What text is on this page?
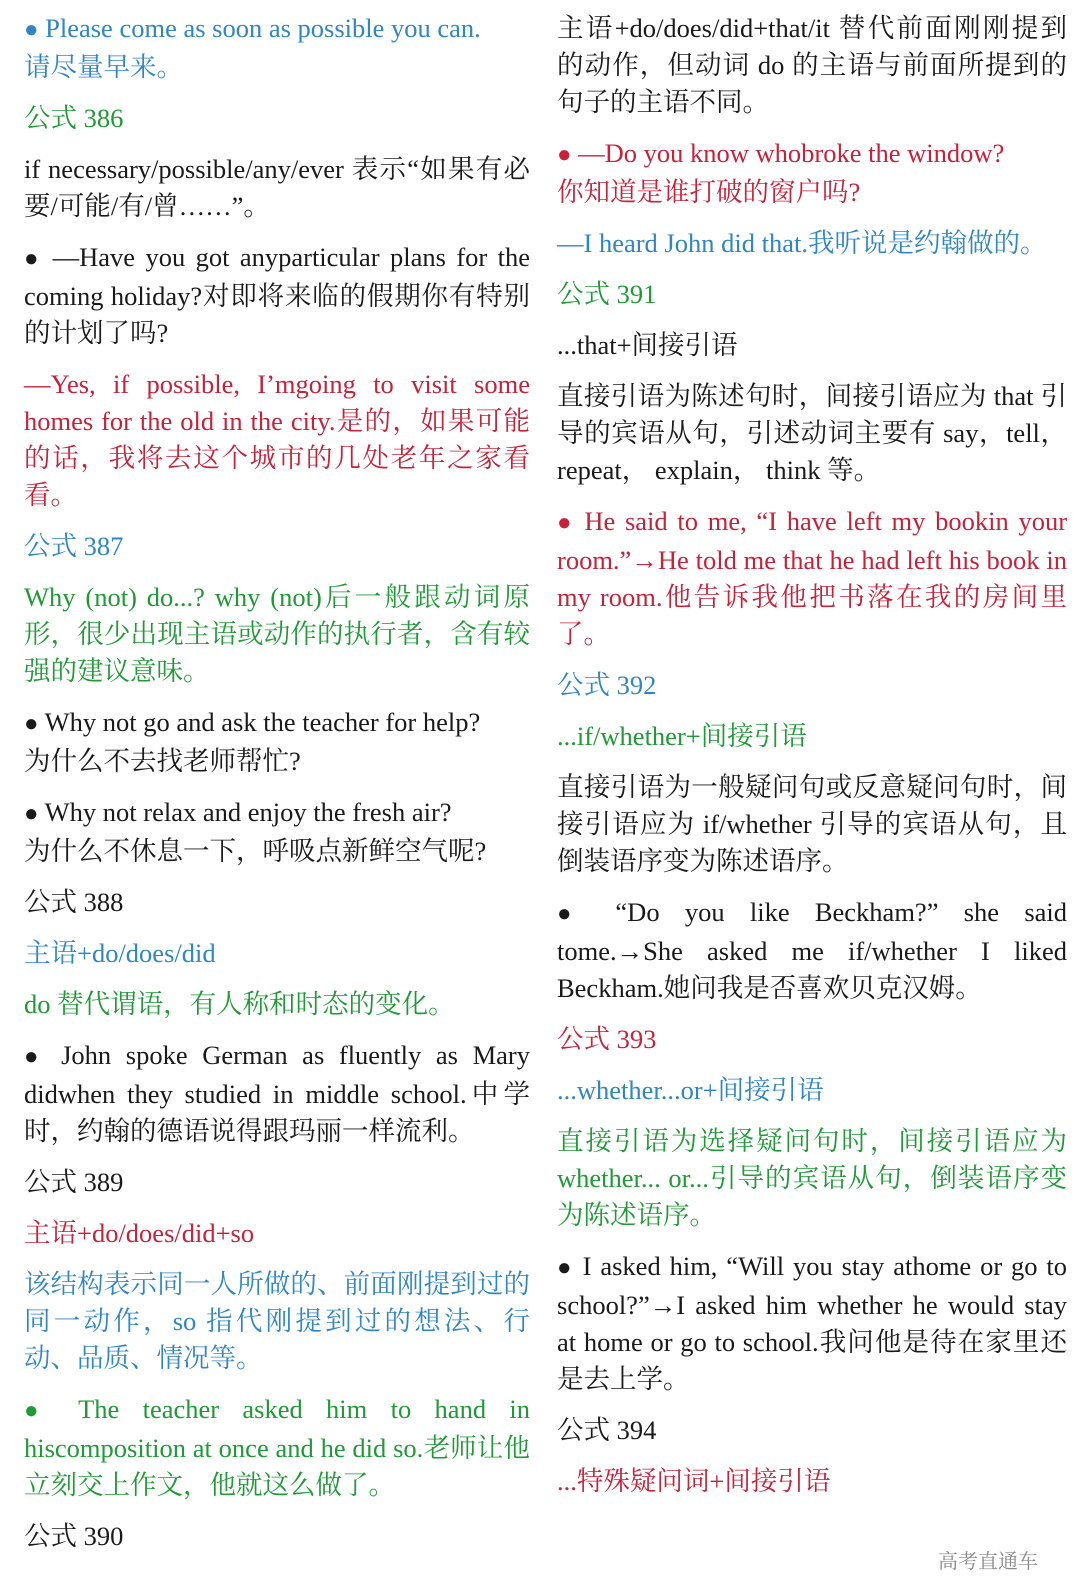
● Please come as soon as possible you can.
请尽量早来。

公式 386

if necessary/possible/any/ever 表示“如果有必要/可能/有/曾……”。

● —Have you got anyparticular plans for the coming holiday?对即将来临的假期你有特别的计划了吗?

—Yes, if possible, I’mgoing to visit some homes for the old in the city.是的，如果可能的话，我将去这个城市的几处老年之家看看。

公式 387

Why (not) do...? why (not)后一般跟动词原形，很少出现主语或动作的执行者，含有较强的建议意味。

● Why not go and ask the teacher for help?
为什么不去找老师帮忙?

● Why not relax and enjoy the fresh air?
为什么不休息一下，呼吸点新鲜空气呢?

公式 388

主语+do/does/did

do 替代谓语，有人称和时态的变化。

● John spoke German as fluently as Mary didwhen they studied in middle school.中学时，约翰的德语说得跟玛丽一样流利。

公式 389

主语+do/does/did+so

该结构表示同一人所做的、前面刚提到过的同一动作，so 指代刚提到过的想法、行动、品质、情况等。

● The teacher asked him to hand in hiscomposition at once and he did so.老师让他立刻交上作文，他就这么做了。

公式 390

主语+do/does/did+that/it 替代前面刚刚提到的动作，但动词 do 的主语与前面所提到的句子的主语不同。

● —Do you know whobroke the window?
你知道是谁打破的窗户吗?

—I heard John did that.我听说是约翰做的。

公式 391

...that+间接引语

直接引语为陈述句时，间接引语应为 that 引导的宾语从句，引述动词主要有 say，tell， repeat， explain， think 等。

● He said to me, “I have left my bookin your room.”→He told me that he had left his book in my room.他告诉我他把书落在我的房间里了。

公式 392

...if/whether+间接引语

直接引语为一般疑问句或反意疑问句时，间接引语应为 if/whether 引导的宾语从句，且倒装语序变为陈述语序。

● “Do you like Beckham?” she said tome.→She asked me if/whether I liked Beckham.她问我是否喜欢贝克汉姆。

公式 393

...whether...or+间接引语

直接引语为选择疑问句时，间接引语应为 whether... or...引导的宾语从句，倒装语序变为陈述语序。

● I asked him, “Will you stay athome or go to school?”→I asked him whether he would stay at home or go to school.我问他是待在家里还是去上学。

公式 394

...特殊疑问词+间接引语

高考直通车
